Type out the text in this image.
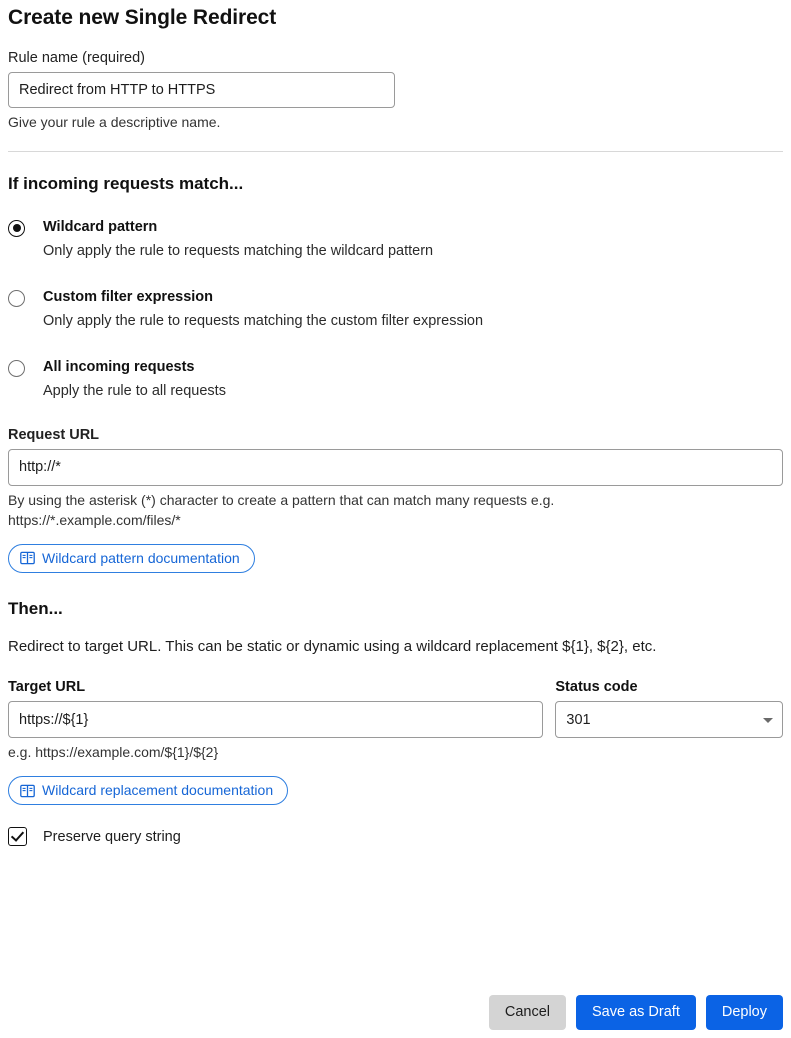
Create new Single Redirect
Rule name (required)
Redirect from HTTP to HTTPS
Give your rule a descriptive name.
If incoming requests match...
Wildcard pattern
Only apply the rule to requests matching the wildcard pattern
Custom filter expression
Only apply the rule to requests matching the custom filter expression
All incoming requests
Apply the rule to all requests
Request URL
http://*
By using the asterisk (*) character to create a pattern that can match many requests e.g. https://*.example.com/files/*
Wildcard pattern documentation
Then...
Redirect to target URL. This can be static or dynamic using a wildcard replacement ${1}, ${2}, etc.
Target URL
https://${1}	Status code
301
e.g. https://example.com/${1}/${2}
Wildcard replacement documentation
Preserve query string
Cancel	Save as Draft	Deploy
